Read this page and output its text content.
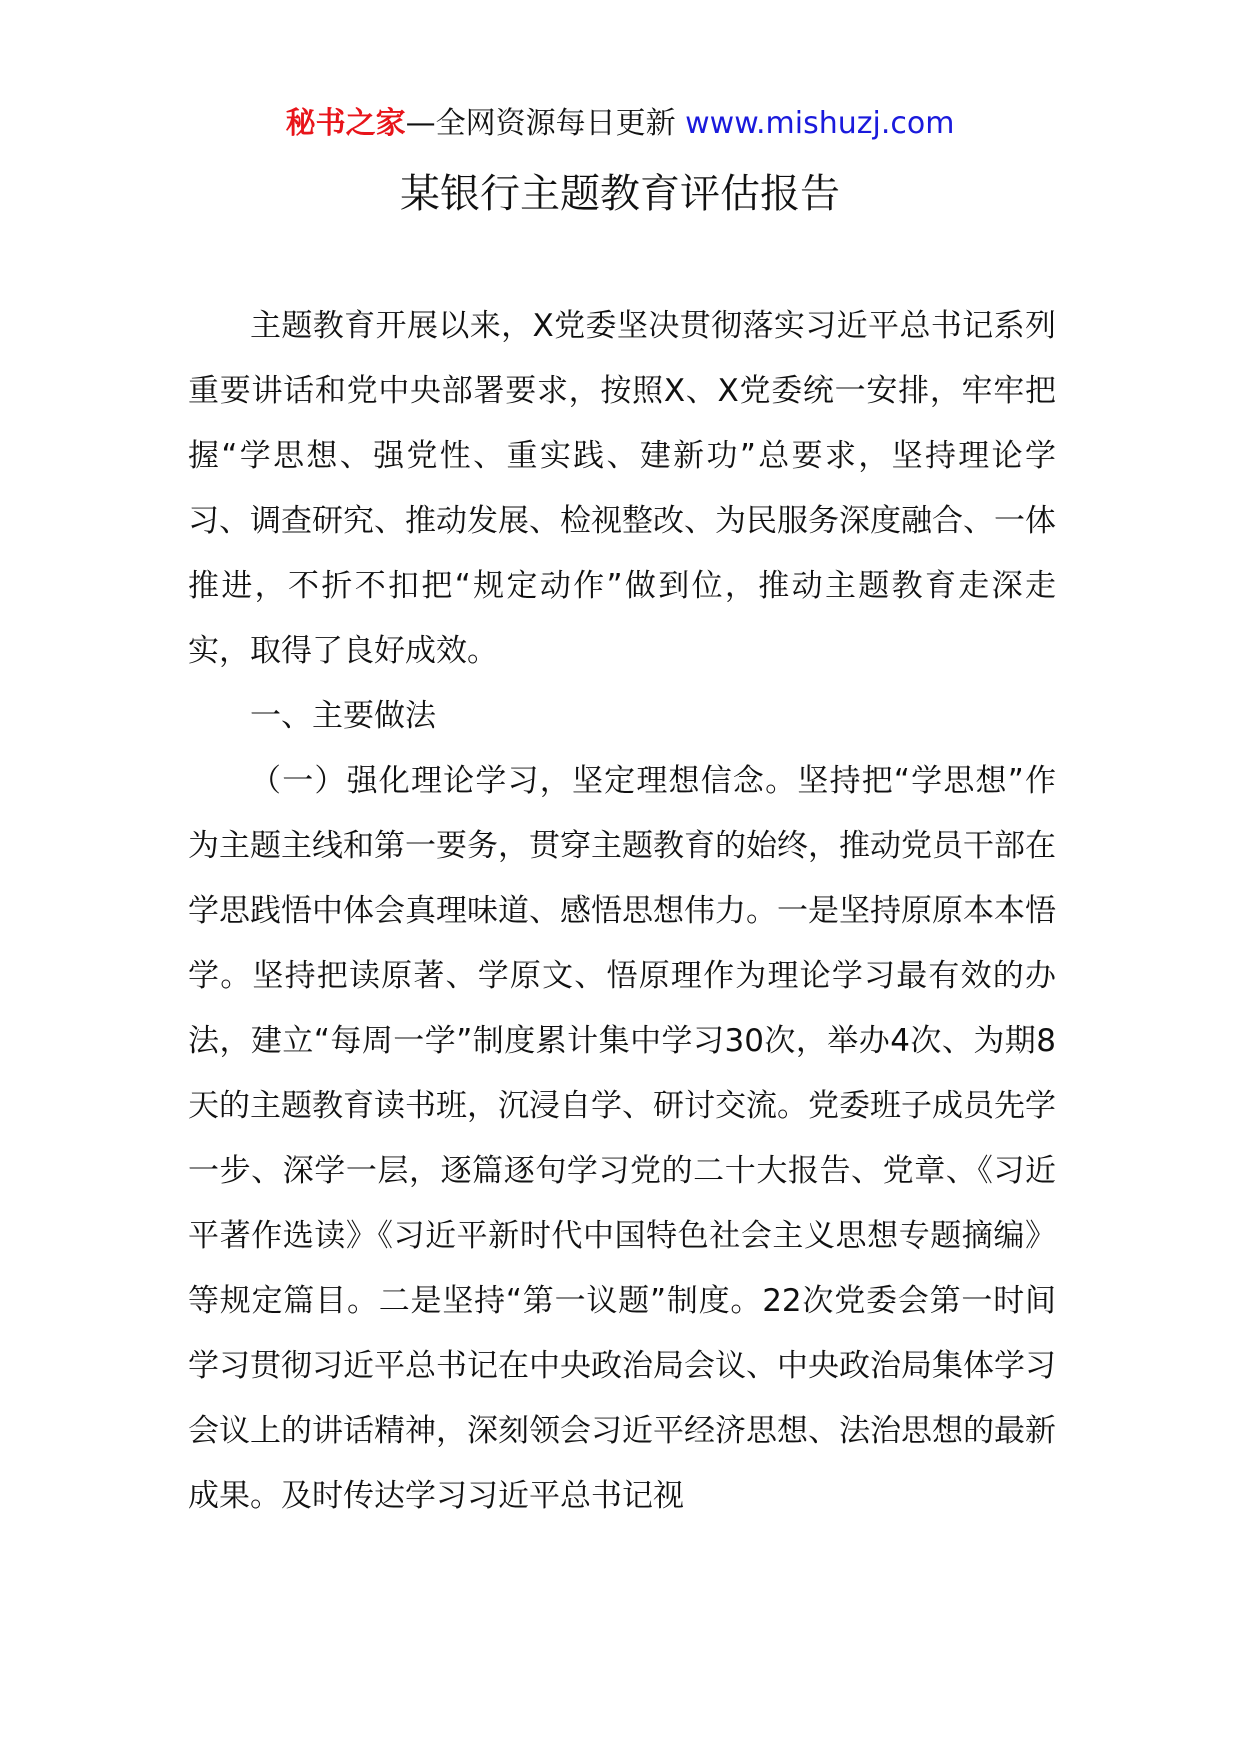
秘书之家—全网资源每日更新 www.mishuzj.com
某银行主题教育评估报告

主题教育开展以来，X党委坚决贯彻落实习近平总书记系列重要讲话和党中央部署要求，按照X、X党委统一安排，牢牢把握“学思想、强党性、重实践、建新功”总要求，坚持理论学习、调查研究、推动发展、检视整改、为民服务深度融合、一体推进，不折不扣把“规定动作”做到位，推动主题教育走深走实，取得了良好成效。

一、主要做法

（一）强化理论学习，坚定理想信念。坚持把“学思想”作为主题主线和第一要务，贯穿主题教育的始终，推动党员干部在学思践悟中体会真理味道、感悟思想伟力。一是坚持原原本本悟学。坚持把读原著、学原文、悟原理作为理论学习最有效的办法，建立“每周一学”制度累计集中学习30次，举办4次、为期8天的主题教育读书班，沉浸自学、研讨交流。党委班子成员先学一步、深学一层，逐篇逐句学习党的二十大报告、党章、《习近平著作选读》《习近平新时代中国特色社会主义思想专题摘编》等规定篇目。二是坚持“第一议题”制度。22次党委会第一时间学习贯彻习近平总书记在中央政治局会议、中央政治局集体学习会议上的讲话精神，深刻领会习近平经济思想、法治思想的最新成果。及时传达学习习近平总书记视
